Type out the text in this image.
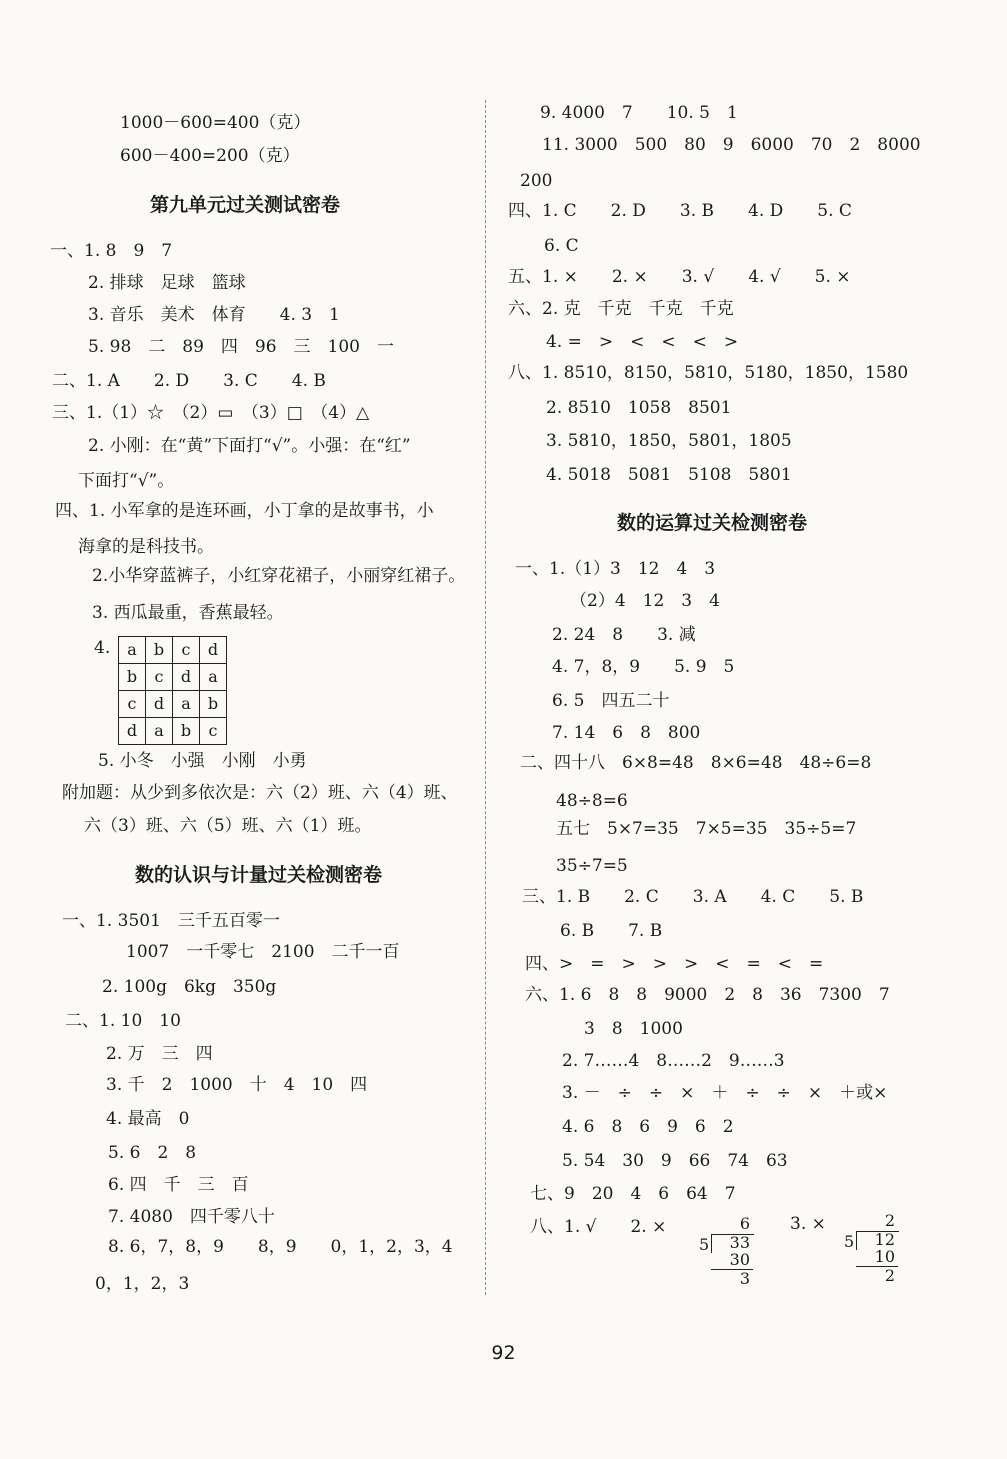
1000－600=400（克）
600－400=200（克）
第九单元过关测试密卷
一、1. 8　9　7
2. 排球　足球　篮球
3. 音乐　美术　体育　　4. 3　1
5. 98　二　89　四　96　三　100　一
二、1. A　　2. D　　3. C　　4. B
三、1.（1）☆　（2）▭　（3）□　（4）△
2. 小刚：在“黄”下面打“√”。小强：在“红”
下面打“√”。
四、1. 小军拿的是连环画，小丁拿的是故事书，小
海拿的是科技书。
2.小华穿蓝裤子，小红穿花裙子，小丽穿红裙子。
3. 西瓜最重，香蕉最轻。
4.
5. 小冬　小强　小刚　小勇
附加题：从少到多依次是：六（2）班、六（4）班、
六（3）班、六（5）班、六（1）班。
数的认识与计量过关检测密卷
一、1. 3501　三千五百零一
1007　一千零七　2100　二千一百
2. 100g　6kg　350g
二、1. 10　10
2. 万　三　四
3. 千　2　1000　十　4　10　四
4. 最高　0
5. 6　2　8
6. 四　千　三　百
7. 4080　四千零八十
8. 6，7，8，9　　8，9　　0，1，2，3，4
0，1，2，3
9. 4000　7　　10. 5　1
11. 3000　500　80　9　6000　70　2　8000
200
四、1. C　　2. D　　3. B　　4. D　　5. C
6. C
五、1. ×　　2. ×　　3. √　　4. √　　5. ×
六、2. 克　千克　千克　千克
4. =　>　<　<　<　>
八、1. 8510，8150，5810，5180，1850，1580
2. 8510　1058　8501
3. 5810，1850，5801，1805
4. 5018　5081　5108　5801
数的运算过关检测密卷
一、1.（1）3　12　4　3
（2）4　12　3　4
2. 24　8　　3. 减
4. 7，8，9　　5. 9　5
6. 5　四五二十
7. 14　6　8　800
二、四十八　6×8=48　8×6=48　48÷6=8
48÷8=6
五七　5×7=35　7×5=35　35÷5=7
35÷7=5
三、1. B　　2. C　　3. A　　4. C　　5. B
6. B　　7. B
四、>　=　>　>　>　<　=　<　=
六、1. 6　8　8　9000　2　8　36　7300　7
3　8　1000
2. 7……4　8……2　9……3
3. －　÷　÷　×　＋　÷　÷　×　＋或×
4. 6　8　6　9　6　2
5. 54　30　9　66　74　63
七、9　20　4　6　64　7
八、1. √　　2. ×	3. ×
a	b	c	d
b	c	d	a
c	d	a	b
d	a	b	c
6
5	33
30
3
2
5	12
10
2
92
